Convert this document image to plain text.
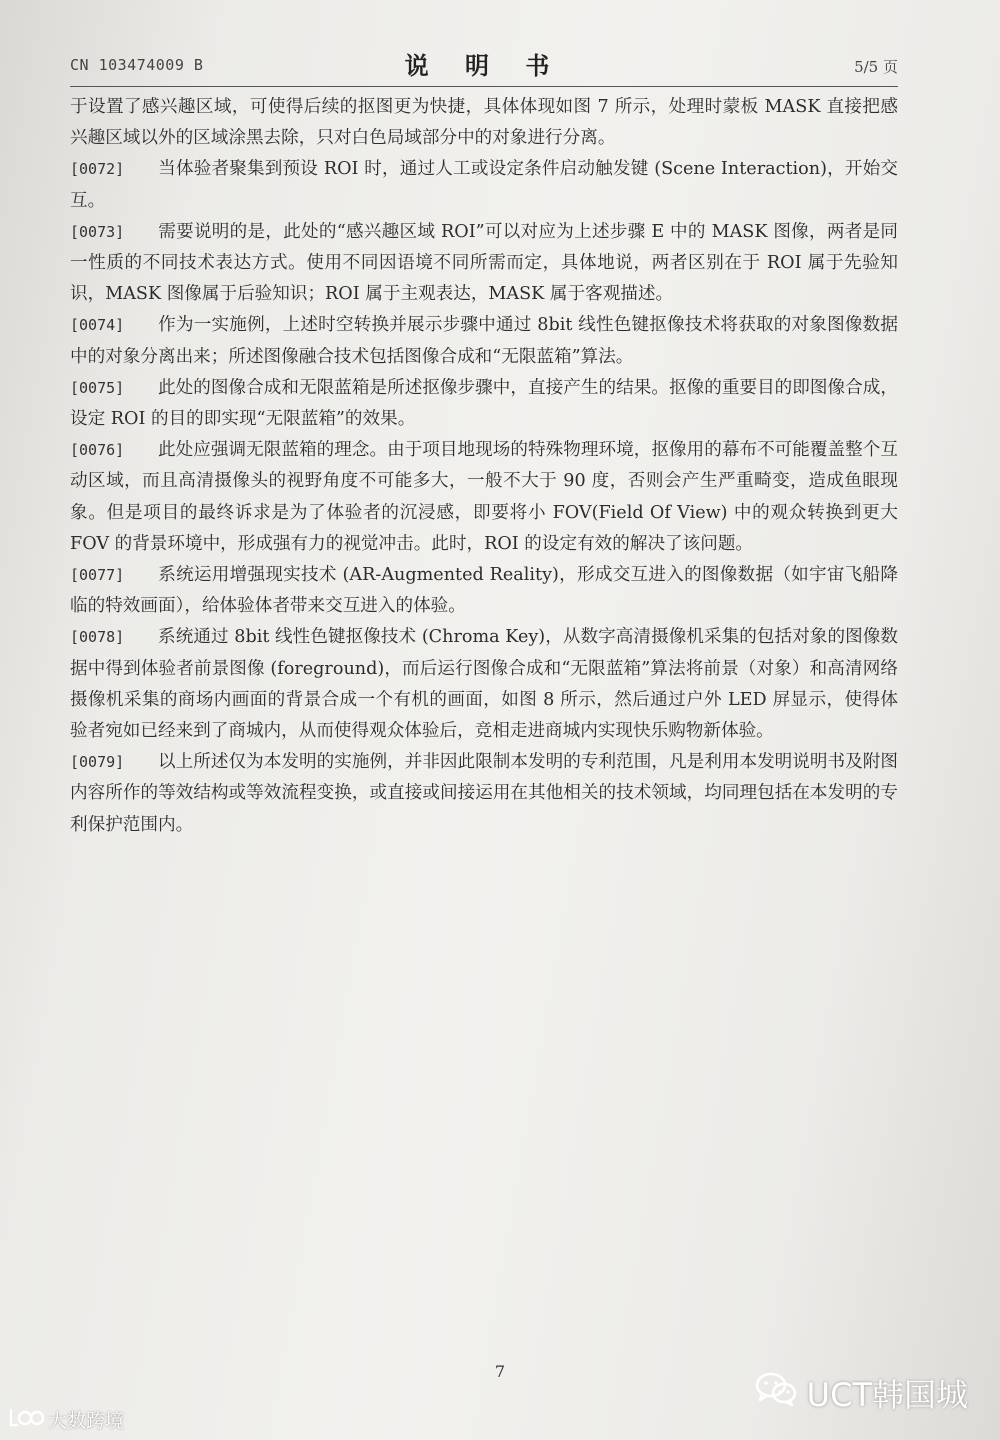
CN 103474009 B	说 明 书	5/5 页

于设置了感兴趣区域，可使得后续的抠图更为快捷，具体体现如图 7 所示，处理时蒙板 MASK 直接把感兴趣区域以外的区域涂黑去除，只对白色局域部分中的对象进行分离。

[0072] 当体验者聚集到预设 ROI 时，通过人工或设定条件启动触发键 (Scene Interaction)，开始交互。

[0073] 需要说明的是，此处的“感兴趣区域 ROI”可以对应为上述步骤 E 中的 MASK 图像，两者是同一性质的不同技术表达方式。使用不同因语境不同所需而定，具体地说，两者区别在于 ROI 属于先验知识，MASK 图像属于后验知识；ROI 属于主观表达，MASK 属于客观描述。

[0074] 作为一实施例，上述时空转换并展示步骤中通过 8bit 线性色键抠像技术将获取的对象图像数据中的对象分离出来；所述图像融合技术包括图像合成和“无限蓝箱”算法。

[0075] 此处的图像合成和无限蓝箱是所述抠像步骤中，直接产生的结果。抠像的重要目的即图像合成，设定 ROI 的目的即实现“无限蓝箱”的效果。

[0076] 此处应强调无限蓝箱的理念。由于项目地现场的特殊物理环境，抠像用的幕布不可能覆盖整个互动区域，而且高清摄像头的视野角度不可能多大，一般不大于 90 度，否则会产生严重畸变，造成鱼眼现象。但是项目的最终诉求是为了体验者的沉浸感，即要将小 FOV(Field Of View) 中的观众转换到更大 FOV 的背景环境中，形成强有力的视觉冲击。此时，ROI 的设定有效的解决了该问题。

[0077] 系统运用增强现实技术 (AR-Augmented Reality)，形成交互进入的图像数据（如宇宙飞船降临的特效画面），给体验体者带来交互进入的体验。

[0078] 系统通过 8bit 线性色键抠像技术 (Chroma Key)，从数字高清摄像机采集的包括对象的图像数据中得到体验者前景图像 (foreground)，而后运行图像合成和“无限蓝箱”算法将前景（对象）和高清网络摄像机采集的商场内画面的背景合成一个有机的画面，如图 8 所示，然后通过户外 LED 屏显示，使得体验者宛如已经来到了商城内，从而使得观众体验后，竞相走进商城内实现快乐购物新体验。

[0079] 以上所述仅为本发明的实施例，并非因此限制本发明的专利范围，凡是利用本发明说明书及附图内容所作的等效结构或等效流程变换，或直接或间接运用在其他相关的技术领域，均同理包括在本发明的专利保护范围内。

7
UCT韩国城
大数跨境
